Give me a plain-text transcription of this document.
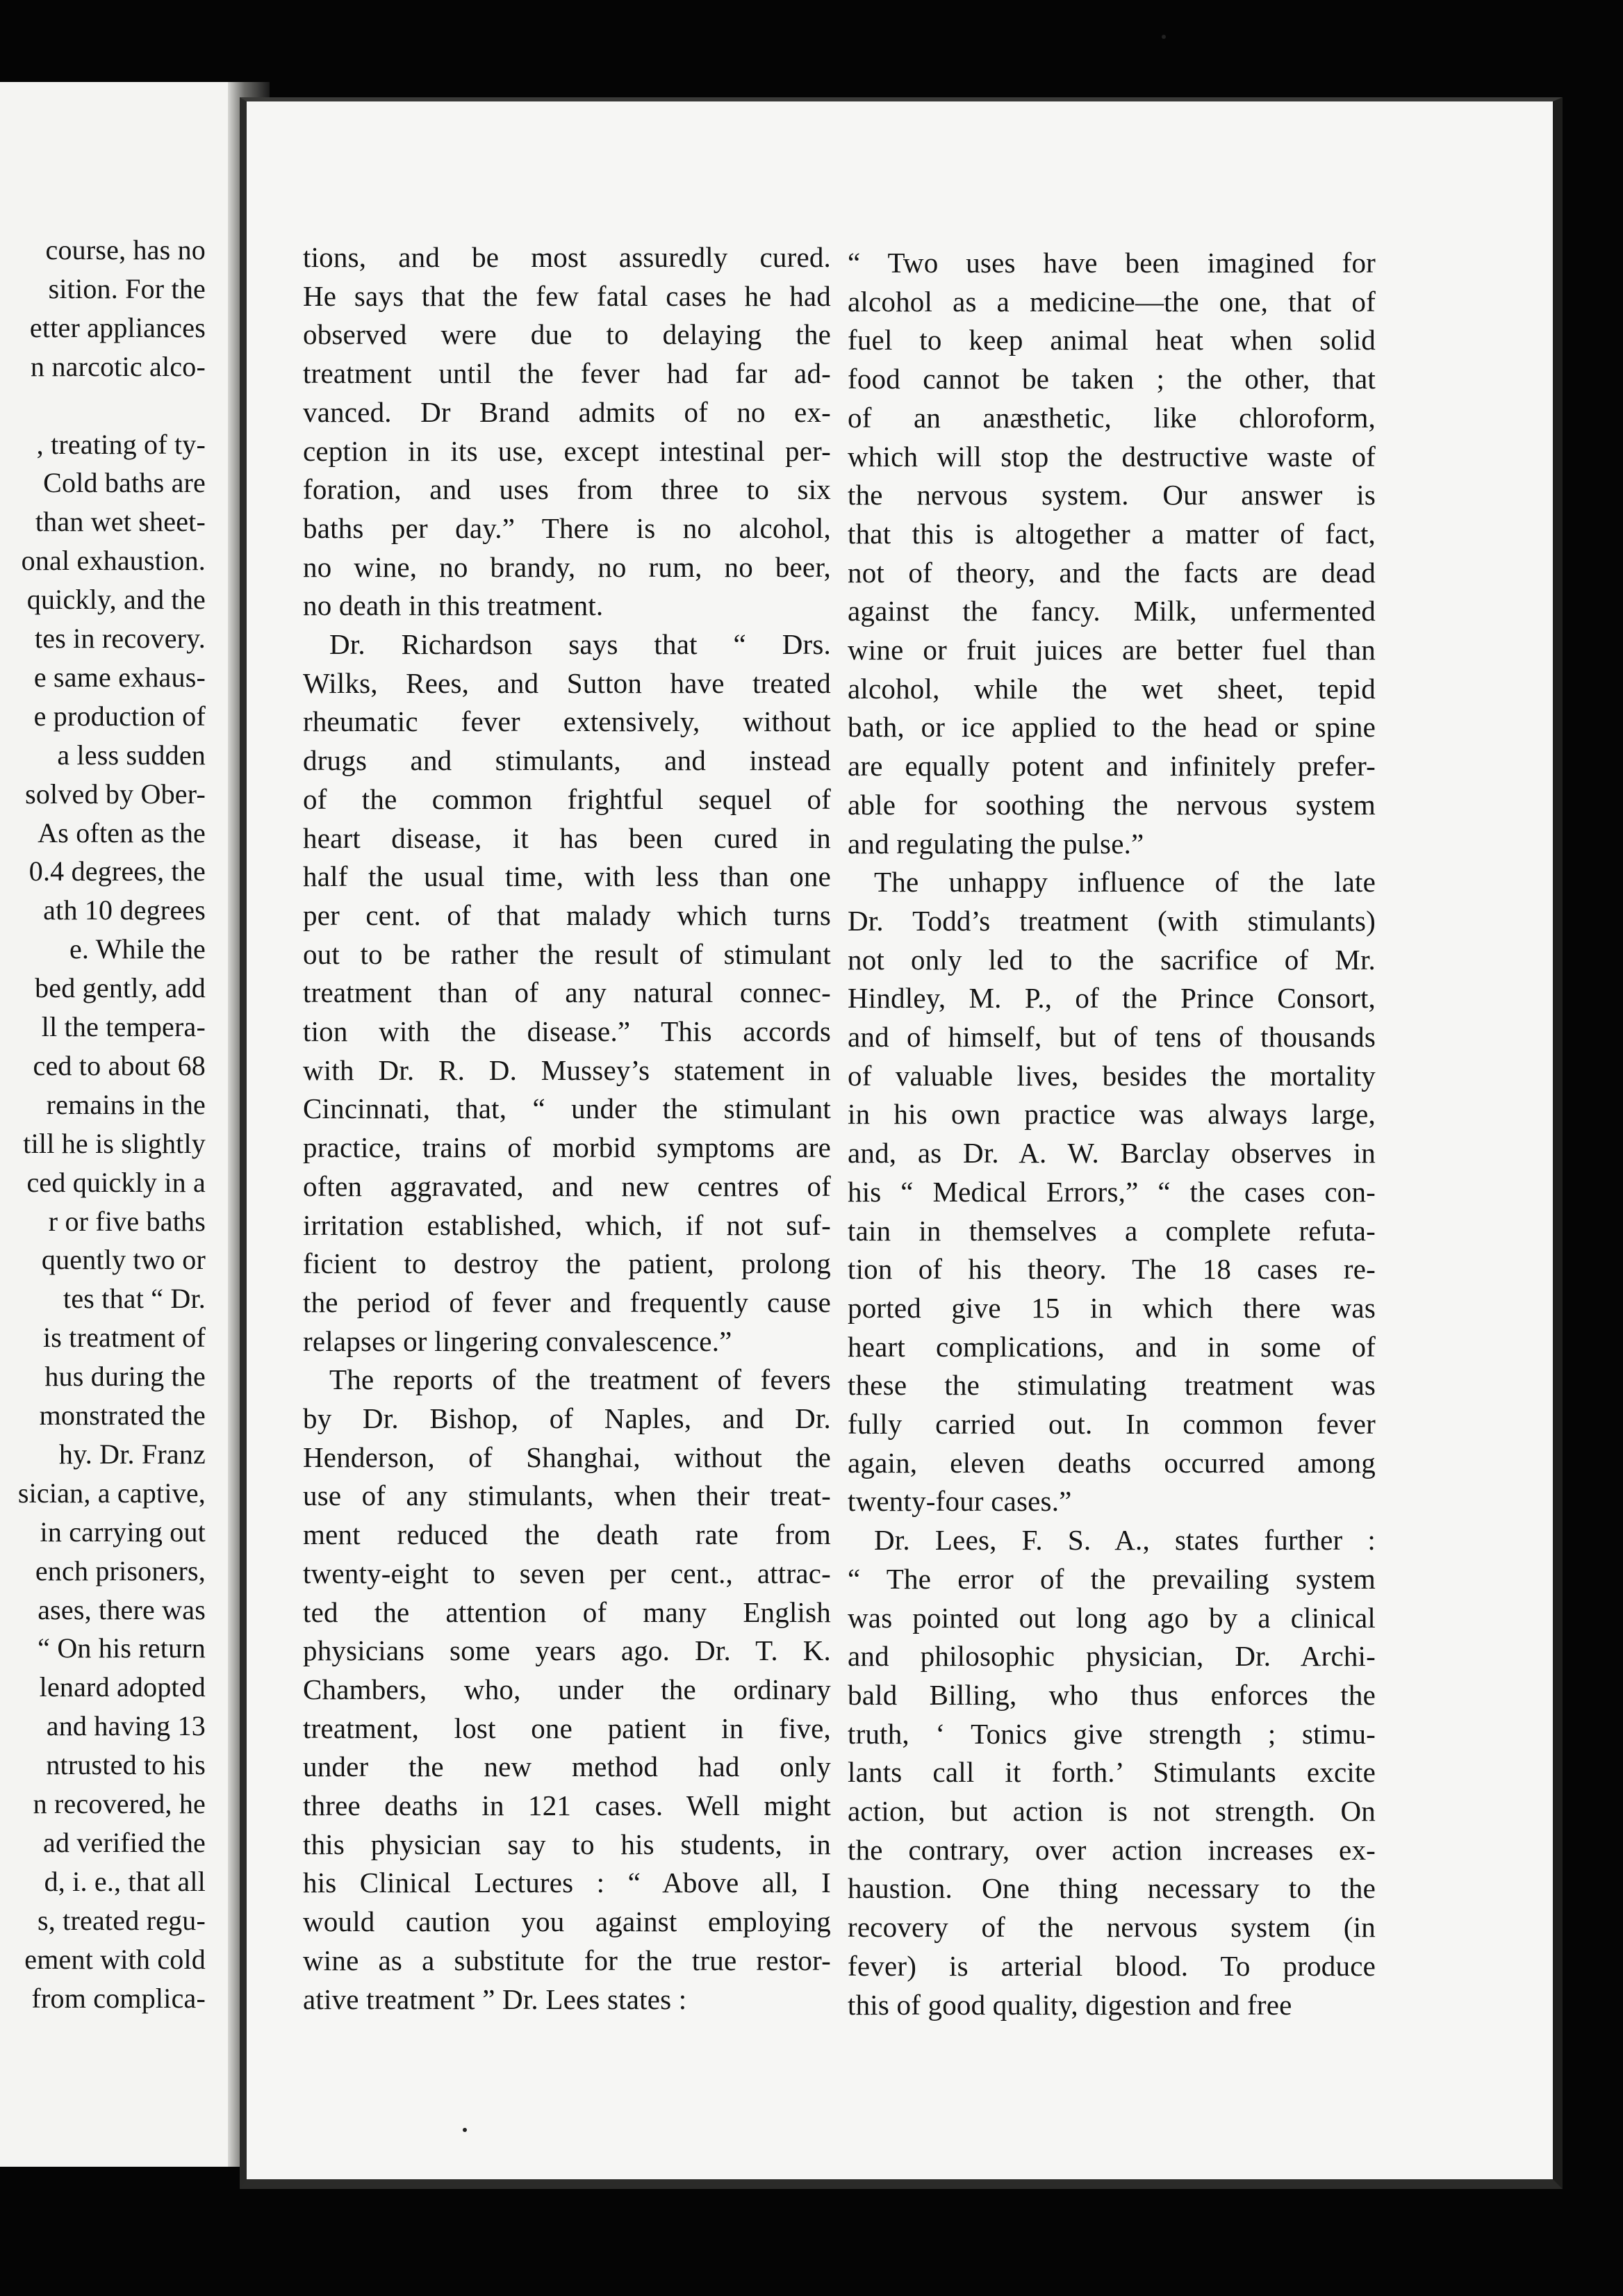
course, has no
sition. For the
etter appliances
n narcotic alco-
, treating of ty-
Cold baths are
than wet sheet-
onal exhaustion.
quickly, and the
tes in recovery.
e same exhaus-
e production of
a less sudden
solved by Ober-
As often as the
0.4 degrees, the
ath 10 degrees
e. While the
bed gently, add
ll the tempera-
ced to about 68
remains in the
till he is slightly
ced quickly in a
r or five baths
quently two or
tes that “ Dr.
is treatment of
hus during the
monstrated the
hy. Dr. Franz
sician, a captive,
in carrying out
ench prisoners,
ases, there was
“ On his return
lenard adopted
and having 13
ntrusted to his
n recovered, he
ad verified the
d, i. e., that all
s, treated regu-
ement with cold
from complica-
tions, and be most assuredly cured.
He says that the few fatal cases he had
observed were due to delaying the
treatment until the fever had far ad-
vanced. Dr Brand admits of no ex-
ception in its use, except intestinal per-
foration, and uses from three to six
baths per day.” There is no alcohol,
no wine, no brandy, no rum, no beer,
no death in this treatment.
Dr. Richardson says that “ Drs.
Wilks, Rees, and Sutton have treated
rheumatic fever extensively, without
drugs and stimulants, and instead
of the common frightful sequel of
heart disease, it has been cured in
half the usual time, with less than one
per cent. of that malady which turns
out to be rather the result of stimulant
treatment than of any natural connec-
tion with the disease.” This accords
with Dr. R. D. Mussey’s statement in
Cincinnati, that, “ under the stimulant
practice, trains of morbid symptoms are
often aggravated, and new centres of
irritation established, which, if not suf-
ficient to destroy the patient, prolong
the period of fever and frequently cause
relapses or lingering convalescence.”
The reports of the treatment of fevers
by Dr. Bishop, of Naples, and Dr.
Henderson, of Shanghai, without the
use of any stimulants, when their treat-
ment reduced the death rate from
twenty-eight to seven per cent., attrac-
ted the attention of many English
physicians some years ago. Dr. T. K.
Chambers, who, under the ordinary
treatment, lost one patient in five,
under the new method had only
three deaths in 121 cases. Well might
this physician say to his students, in
his Clinical Lectures : “ Above all, I
would caution you against employing
wine as a substitute for the true restor-
ative treatment ” Dr. Lees states :
“ Two uses have been imagined for
alcohol as a medicine—the one, that of
fuel to keep animal heat when solid
food cannot be taken ; the other, that
of an anæsthetic, like chloroform,
which will stop the destructive waste of
the nervous system. Our answer is
that this is altogether a matter of fact,
not of theory, and the facts are dead
against the fancy. Milk, unfermented
wine or fruit juices are better fuel than
alcohol, while the wet sheet, tepid
bath, or ice applied to the head or spine
are equally potent and infinitely prefer-
able for soothing the nervous system
and regulating the pulse.”
The unhappy influence of the late
Dr. Todd’s treatment (with stimulants)
not only led to the sacrifice of Mr.
Hindley, M. P., of the Prince Consort,
and of himself, but of tens of thousands
of valuable lives, besides the mortality
in his own practice was always large,
and, as Dr. A. W. Barclay observes in
his “ Medical Errors,” “ the cases con-
tain in themselves a complete refuta-
tion of his theory. The 18 cases re-
ported give 15 in which there was
heart complications, and in some of
these the stimulating treatment was
fully carried out. In common fever
again, eleven deaths occurred among
twenty-four cases.”
Dr. Lees, F. S. A., states further :
“ The error of the prevailing system
was pointed out long ago by a clinical
and philosophic physician, Dr. Archi-
bald Billing, who thus enforces the
truth, ‘ Tonics give strength ; stimu-
lants call it forth.’ Stimulants excite
action, but action is not strength. On
the contrary, over action increases ex-
haustion. One thing necessary to the
recovery of the nervous system (in
fever) is arterial blood. To produce
this of good quality, digestion and free
